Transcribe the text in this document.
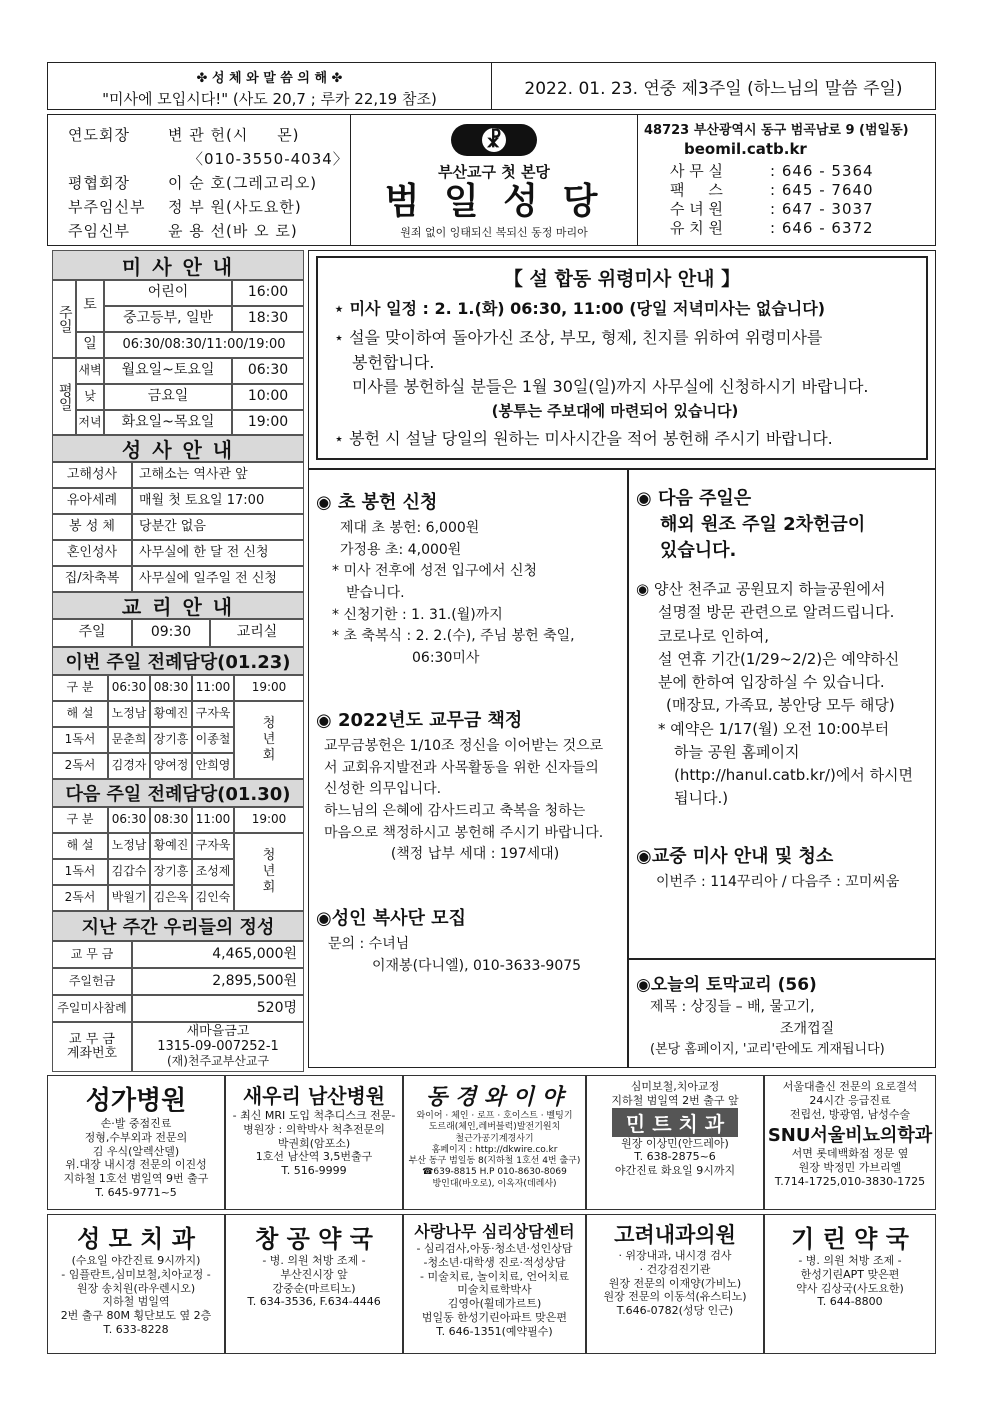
✤ 성 체 와 말 씀 의 해 ✤
"미사에 모입시다!" (사도 20,7 ; 루카 22,19 참조)
2022. 01. 23. 연중 제3주일 (하느님의 말씀 주일)
연도회장	변 관 헌(시     몬)
〈010-3550-4034〉
평협회장	이 순 호(그레고리오)
부주임신부	정 부 원(사도요한)
주임신부	윤 용 선(바 오 로)
☧
부산교구 첫 본당
범 일 성 당
원죄 없이 잉태되신 복되신 동정 마리아
48723 부산광역시 동구 범곡남로 9 (범일동)
beomil.catb.kr
사 무 실	: 646 - 5364
팩     스	: 645 - 7640
수 녀 원	: 647 - 3037
유 치 원	: 646 - 6372
미 사 안 내
주일 토
어린이	16:00
중고등부, 일반	18:30
일	06:30/08:30/11:00/19:00
평일
새벽	월요일~토요일	06:30
낮	금요일	10:00
저녁	화요일~목요일	19:00
성 사 안 내
고해성사	고해소는 역사관 앞
유아세례	매월 첫 토요일 17:00
봉 성 체	당분간 없음
혼인성사	사무실에 한 달 전 신청
집/차축복	사무실에 일주일 전 신청
교 리 안 내
주일	09:30	교리실
이번 주일 전례담당(01.23)
구 분	06:30 08:30 11:00	19:00
해 설	노정남 황예진 구자욱
1독서	문춘희 장기흥 이종철
2독서	김경자 양여정 안희영
청
년
회
다음 주일 전례담당(01.30)
구 분	06:30 08:30 11:00	19:00
해 설	노정남 황예진 구자욱
1독서	김갑수 장기흥 조성제
2독서	박월기 김은옥 김인숙
청
년
회
지난 주간 우리들의 정성
교 무 금	4,465,000원
주일헌금	2,895,500원
주일미사참례	520명
교 무 금
계좌번호
새마을금고
1315-09-007252-1
(재)천주교부산교구
【 설 합동 위령미사 안내 】
⋆ 미사 일정 : 2. 1.(화) 06:30, 11:00 (당일 저녁미사는 없습니다)
⋆ 설을 맞이하여 돌아가신 조상, 부모, 형제, 친지를 위하여 위령미사를
봉헌합니다.
미사를 봉헌하실 분들은 1월 30일(일)까지 사무실에 신청하시기 바랍니다.
(봉투는 주보대에 마련되어 있습니다)
⋆ 봉헌 시 설날 당일의 원하는 미사시간을 적어 봉헌해 주시기 바랍니다.
◉ 초 봉헌 신청
제대 초 봉헌: 6,000원
가정용 초: 4,000원
* 미사 전후에 성전 입구에서 신청
받습니다.
* 신청기한 : 1. 31.(월)까지
* 초 축복식 : 2. 2.(수), 주님 봉헌 축일,
06:30미사
◉ 2022년도 교무금 책정
교무금봉헌은 1/10조 정신을 이어받는 것으로
서 교회유지발전과 사목활동을 위한 신자들의
신성한 의무입니다.
하느님의 은혜에 감사드리고 축복을 청하는
마음으로 책정하시고 봉헌해 주시기 바랍니다.
(책정 납부 세대 : 197세대)
◉성인 복사단 모집
문의 : 수녀님
이재봉(다니엘), 010-3633-9075
◉ 다음 주일은
해외 원조 주일 2차헌금이
있습니다.
◉ 양산 천주교 공원묘지 하늘공원에서
설명절 방문 관련으로 알려드립니다.
코로나로 인하여,
설 연휴 기간(1/29~2/2)은 예약하신
분에 한하여 입장하실 수 있습니다.
(매장묘, 가족묘, 봉안당 모두 해당)
* 예약은 1/17(월) 오전 10:00부터
하늘 공원 홈페이지
(http://hanul.catb.kr/)에서 하시면
됩니다.)
◉교중 미사 안내 및 청소
이번주 : 114꾸리아 / 다음주 : 꼬미씨움
◉오늘의 토막교리 (56)
제목 : 상징들 – 배, 물고기,
조개껍질
(본당 홈페이지, '교리'란에도 게재됩니다)
성가병원
손·발 중점진료
정형,수부외과 전문의
김 우식(알렉산델)
위.대장 내시경 전문의 이진성
지하철 1호선 범일역 9번 출구
T. 645-9771~5
새우리 남산병원
- 최신 MRI 도입 척추디스크 전문-
병원장 : 의학박사 척추전문의
박권희(암포소)
1호선 남산역 3,5번출구
T. 516-9999
동 경 와 이 야
와이어 · 체인 · 로프 · 호이스트 · 벨팅기
도르래(체인,레버블럭)발전기원치
철근가공기계경사기
홈페이지 : http://dkwire.co.kr
부산 동구 범일동 8(지하철 1호선 4번 출구)
☎639-8815 H.P 010-8630-8069
방인대(바오로), 이옥자(데레사)
심미보철,치아교정
지하철 범일역 2번 출구 앞
민 트 치 과
원장 이상민(안드레아)
T. 638-2875~6
야간진료 화요일 9시까지
서울대출신 전문의 요로결석
24시간 응급진료
전립선, 방광염, 남성수술
SNU서울비뇨의학과
서면 롯데백화점 정문 옆
원장 박정민 가브리엘
T.714-1725,010-3830-1725
성 모 치 과
(수요일 야간진료 9시까지)
- 임플란트,심미보철,치아교정 -
원장 송치원(라우렌시오)
지하철 범일역
2번 출구 80M 횡단보도 옆 2층
T. 633-8228
창 공 약 국
- 병. 의원 처방 조제 -
부산진시장 앞
강중순(마르티노)
T. 634-3536, F.634-4446
사랑나무 심리상담센터
- 심리검사,아동·청소년·성인상담
-청소년·대학생 진로·적성상담
- 미술치료, 놀이치료, 언어치료
미술치료학박사
김영아(휠데가르트)
범일동 한성기린아파트 맞은편
T. 646-1351(예약필수)
고려내과의원
· 위장내과, 내시경 검사
· 건강검진기관
원장 전문의 이재양(가비노)
원장 전문의 이동석(유스티노)
T.646-0782(성당 인근)
기 린 약 국
- 병. 의원 처방 조제 -
한성기린APT 맞은편
약사 김상국(사도요한)
T. 644-8800
